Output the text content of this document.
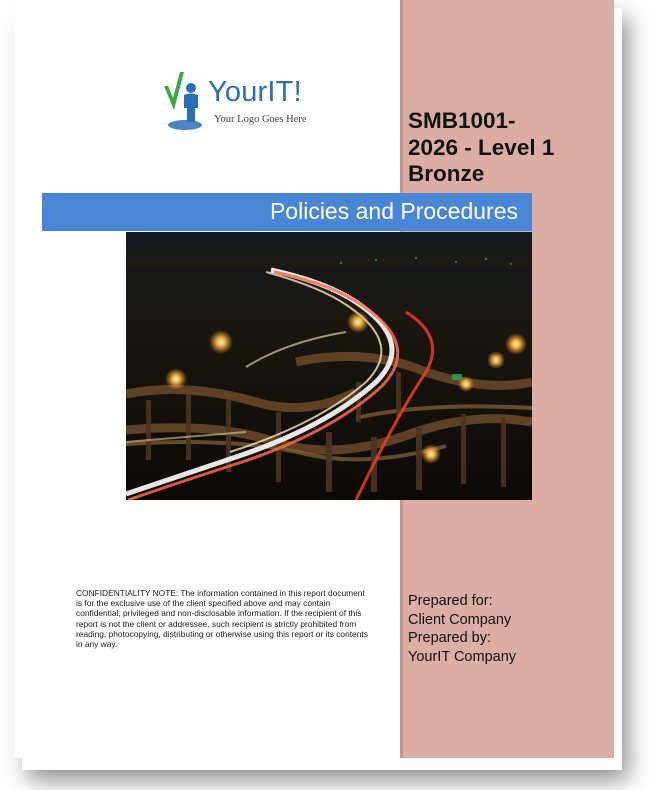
YourIT!
Your Logo Goes Here	SMB1001-
2026 - Level 1
Bronze
Policies and Procedures
CONFIDENTIALITY NOTE: The information contained in this report document is for the exclusive use of the client specified above and may contain confidential, privileged and non-disclosable information. If the recipient of this report is not the client or addressee, such recipient is strictly prohibited from reading, photocopying, distributing or otherwise using this report or its contents in any way.
Prepared for:
Client Company
Prepared by:
YourIT Company
